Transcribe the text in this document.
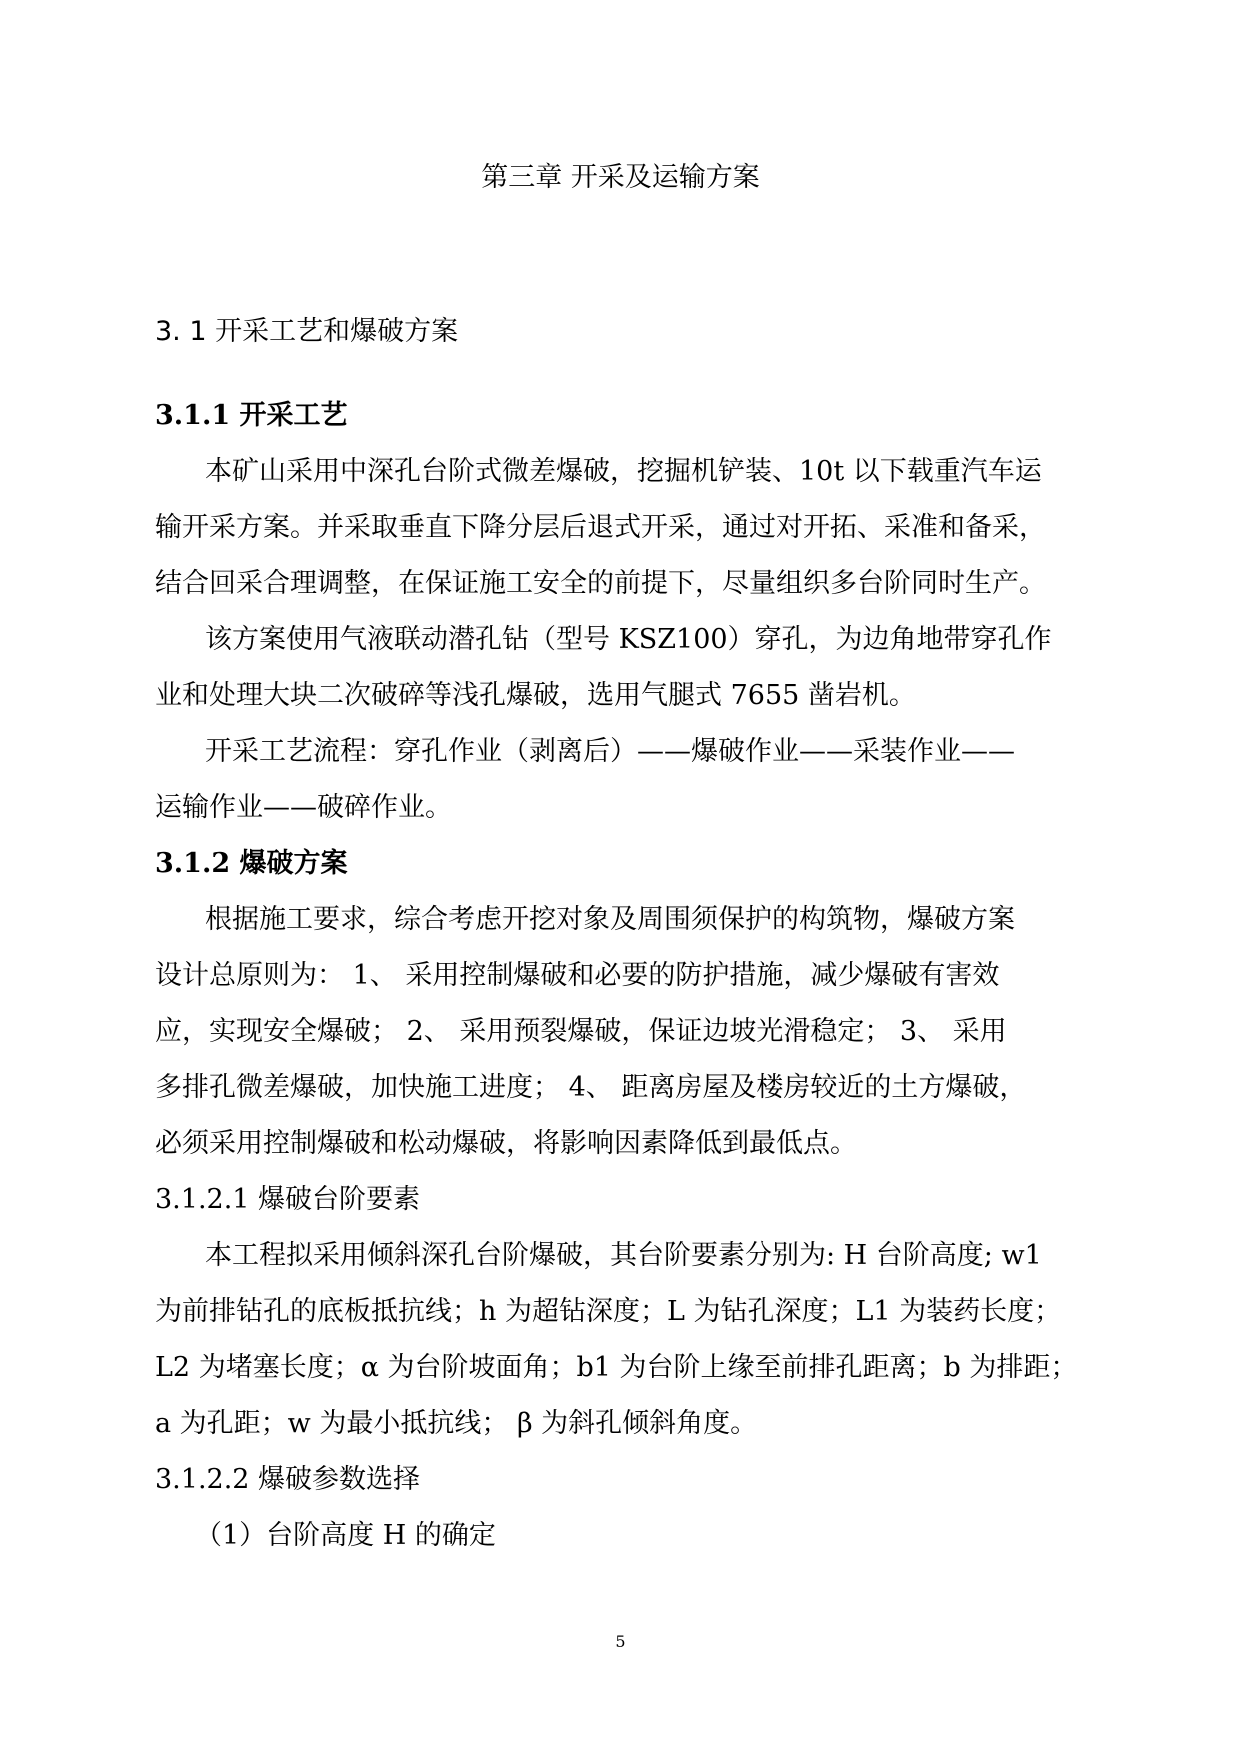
第三章 开采及运输方案
3. 1 开采工艺和爆破方案
3.1.1 开采工艺
本矿山采用中深孔台阶式微差爆破，挖掘机铲装、10t 以下载重汽车运
输开采方案。并采取垂直下降分层后退式开采，通过对开拓、采准和备采，
结合回采合理调整，在保证施工安全的前提下，尽量组织多台阶同时生产。
该方案使用气液联动潜孔钻（型号 KSZ100）穿孔，为边角地带穿孔作
业和处理大块二次破碎等浅孔爆破，选用气腿式 7655 凿岩机。
开采工艺流程：穿孔作业（剥离后）——爆破作业——采装作业——
运输作业——破碎作业。
3.1.2 爆破方案
根据施工要求，综合考虑开挖对象及周围须保护的构筑物，爆破方案
设计总原则为： 1、 采用控制爆破和必要的防护措施，减少爆破有害效
应，实现安全爆破； 2、 采用预裂爆破，保证边坡光滑稳定； 3、 采用
多排孔微差爆破，加快施工进度； 4、 距离房屋及楼房较近的土方爆破，
必须采用控制爆破和松动爆破，将影响因素降低到最低点。
3.1.2.1 爆破台阶要素
本工程拟采用倾斜深孔台阶爆破，其台阶要素分别为: H 台阶高度; w1
为前排钻孔的底板抵抗线；h 为超钻深度；L 为钻孔深度；L1 为装药长度；
L2 为堵塞长度；α 为台阶坡面角；b1 为台阶上缘至前排孔距离；b 为排距；
a 为孔距；w 为最小抵抗线； β 为斜孔倾斜角度。
3.1.2.2 爆破参数选择
（1）台阶高度 H 的确定
5
